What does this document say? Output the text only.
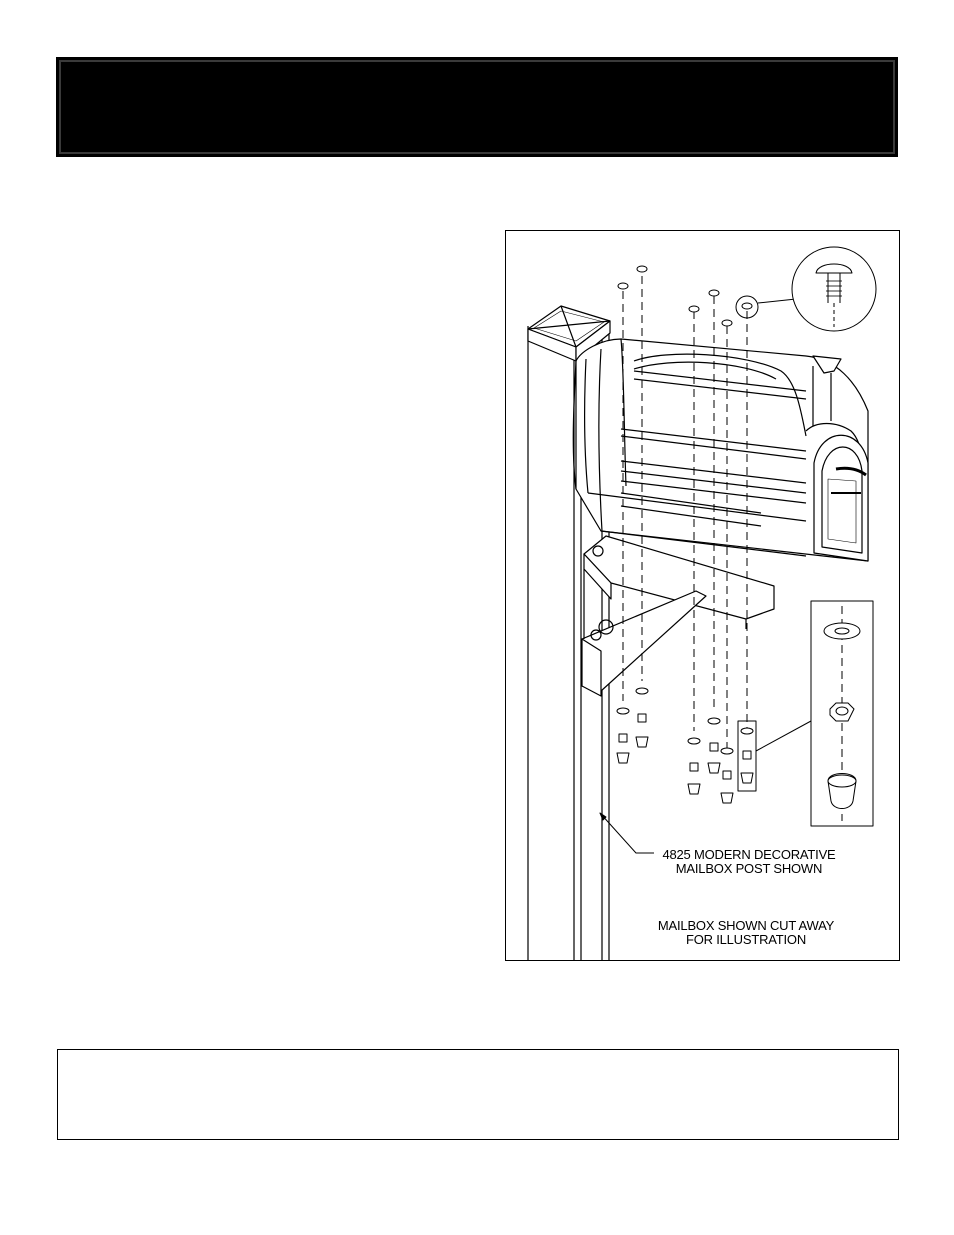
4825 MODERN DECORATIVE
MAILBOX POST SHOWN
MAILBOX SHOWN CUT AWAY
FOR ILLUSTRATION
